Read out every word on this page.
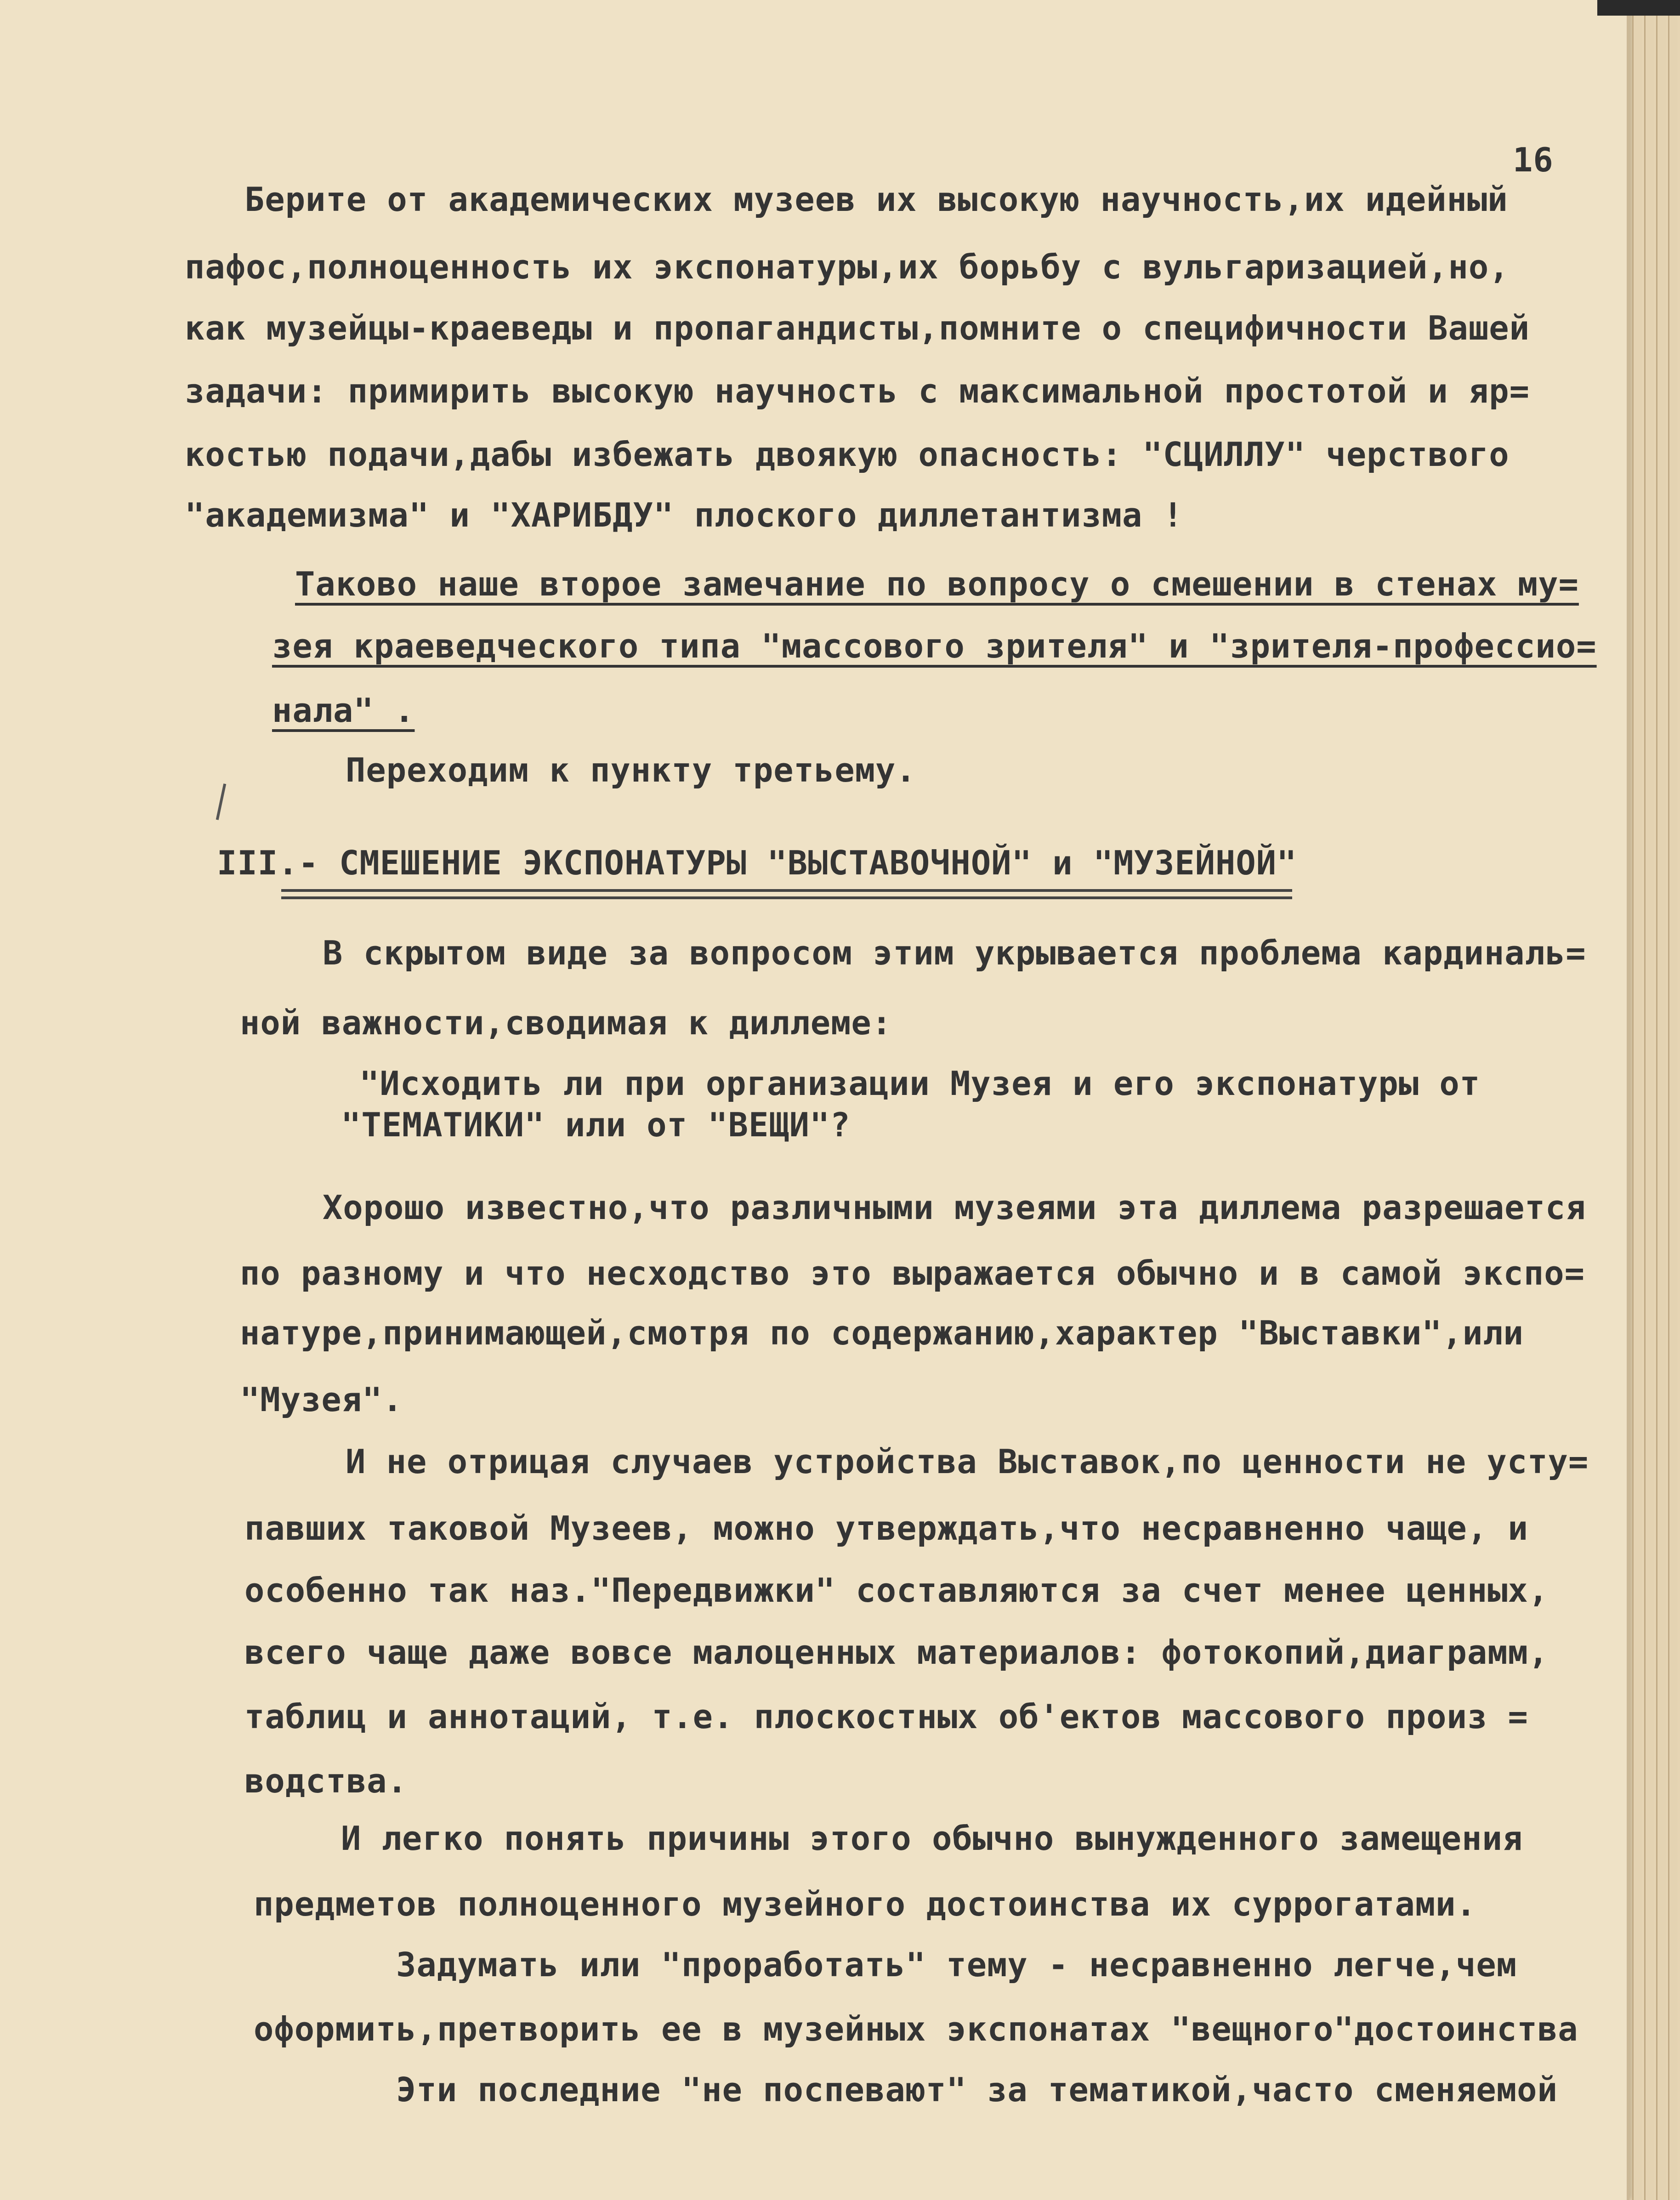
16

Берите от академических музеев их высокую научность,их идейный

пафос,полноценность их экспонатуры,их борьбу с вульгаризацией,но,

как музейцы-краеведы и пропагандисты,помните о специфичности Вашей

задачи: примирить высокую научность с максимальной простотой и яр=

костью подачи,дабы избежать двоякую опасность: "СЦИЛЛУ" черствого

"академизма" и "ХАРИБДУ" плоского диллетантизма !

Таково наше второе замечание по вопросу о смешении в стенах му=

зея краеведческого типа "массового зрителя" и "зрителя-профессио=

нала" .

Переходим к пункту третьему.

III.- СМЕШЕНИЕ ЭКСПОНАТУРЫ "ВЫСТАВОЧНОЙ" и "МУЗЕЙНОЙ"

В скрытом виде за вопросом этим укрывается проблема кардиналь=

ной важности,сводимая к диллеме:

"Исходить ли при организации Музея и его экспонатуры от

"ТЕМАТИКИ" или от "ВЕЩИ"?

Хорошо известно,что различными музеями эта диллема разрешается

по разному и что несходство это выражается обычно и в самой экспо=

натуре,принимающей,смотря по содержанию,характер "Выставки",или

"Музея".

И не отрицая случаев устройства Выставок,по ценности не усту=

павших таковой Музеев, можно утверждать,что несравненно чаще, и

особенно так наз."Передвижки" составляются за счет менее ценных,

всего чаще даже вовсе малоценных материалов: фотокопий,диаграмм,

таблиц и аннотаций, т.е. плоскостных об'ектов массового произ =

водства.

И легко понять причины этого обычно вынужденного замещения

предметов полноценного музейного достоинства их суррогатами.

Задумать или "проработать" тему - несравненно легче,чем

оформить,претворить ее в музейных экспонатах "вещного"достоинства

Эти последние "не поспевают" за тематикой,часто сменяемой
